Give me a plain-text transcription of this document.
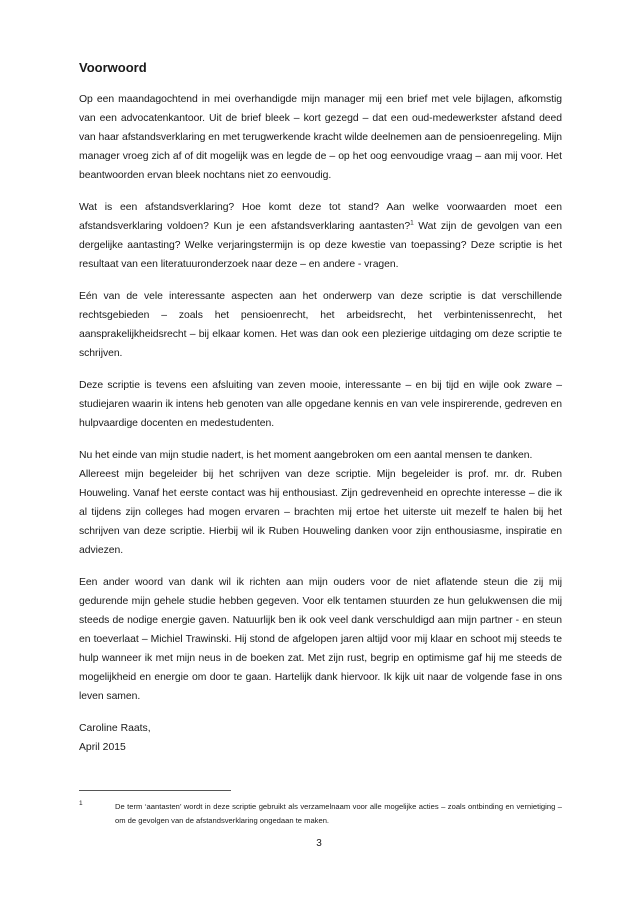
Voorwoord

Op een maandagochtend in mei overhandigde mijn manager mij een brief met vele bijlagen, afkomstig van een advocatenkantoor. Uit de brief bleek – kort gezegd – dat een oud-medewerkster afstand deed van haar afstandsverklaring en met terugwerkende kracht wilde deelnemen aan de pensioenregeling. Mijn manager vroeg zich af of dit mogelijk was en legde de – op het oog eenvoudige vraag – aan mij voor. Het beantwoorden ervan bleek nochtans niet zo eenvoudig.

Wat is een afstandsverklaring? Hoe komt deze tot stand? Aan welke voorwaarden moet een afstandsverklaring voldoen? Kun je een afstandsverklaring aantasten?$^1$ Wat zijn de gevolgen van een dergelijke aantasting? Welke verjaringstermijn is op deze kwestie van toepassing? Deze scriptie is het resultaat van een literatuuronderzoek naar deze – en andere - vragen.

Eén van de vele interessante aspecten aan het onderwerp van deze scriptie is dat verschillende rechtsgebieden – zoals het pensioenrecht, het arbeidsrecht, het verbintenissenrecht, het aansprakelijkheidsrecht – bij elkaar komen. Het was dan ook een plezierige uitdaging om deze scriptie te schrijven.

Deze scriptie is tevens een afsluiting van zeven mooie, interessante – en bij tijd en wijle ook zware – studiejaren waarin ik intens heb genoten van alle opgedane kennis en van vele inspirerende, gedreven en hulpvaardige docenten en medestudenten.

Nu het einde van mijn studie nadert, is het moment aangebroken om een aantal mensen te danken.

Allereest mijn begeleider bij het schrijven van deze scriptie. Mijn begeleider is prof. mr. dr. Ruben Houweling. Vanaf het eerste contact was hij enthousiast. Zijn gedrevenheid en oprechte interesse – die ik al tijdens zijn colleges had mogen ervaren – brachten mij ertoe het uiterste uit mezelf te halen bij het schrijven van deze scriptie. Hierbij wil ik Ruben Houweling danken voor zijn enthousiasme, inspiratie en adviezen.

Een ander woord van dank wil ik richten aan mijn ouders voor de niet aflatende steun die zij mij gedurende mijn gehele studie hebben gegeven. Voor elk tentamen stuurden ze hun gelukwensen die mij steeds de nodige energie gaven. Natuurlijk ben ik ook veel dank verschuldigd aan mijn partner - en steun en toeverlaat – Michiel Trawinski. Hij stond de afgelopen jaren altijd voor mij klaar en schoot mij steeds te hulp wanneer ik met mijn neus in de boeken zat. Met zijn rust, begrip en optimisme gaf hij me steeds de mogelijkheid en energie om door te gaan. Hartelijk dank hiervoor. Ik kijk uit naar de volgende fase in ons leven samen.

Caroline Raats,

April 2015

1	De term ‘aantasten’ wordt in deze scriptie gebruikt als verzamelnaam voor alle mogelijke acties – zoals ontbinding en vernietiging – om de gevolgen van de afstandsverklaring ongedaan te maken.
3
